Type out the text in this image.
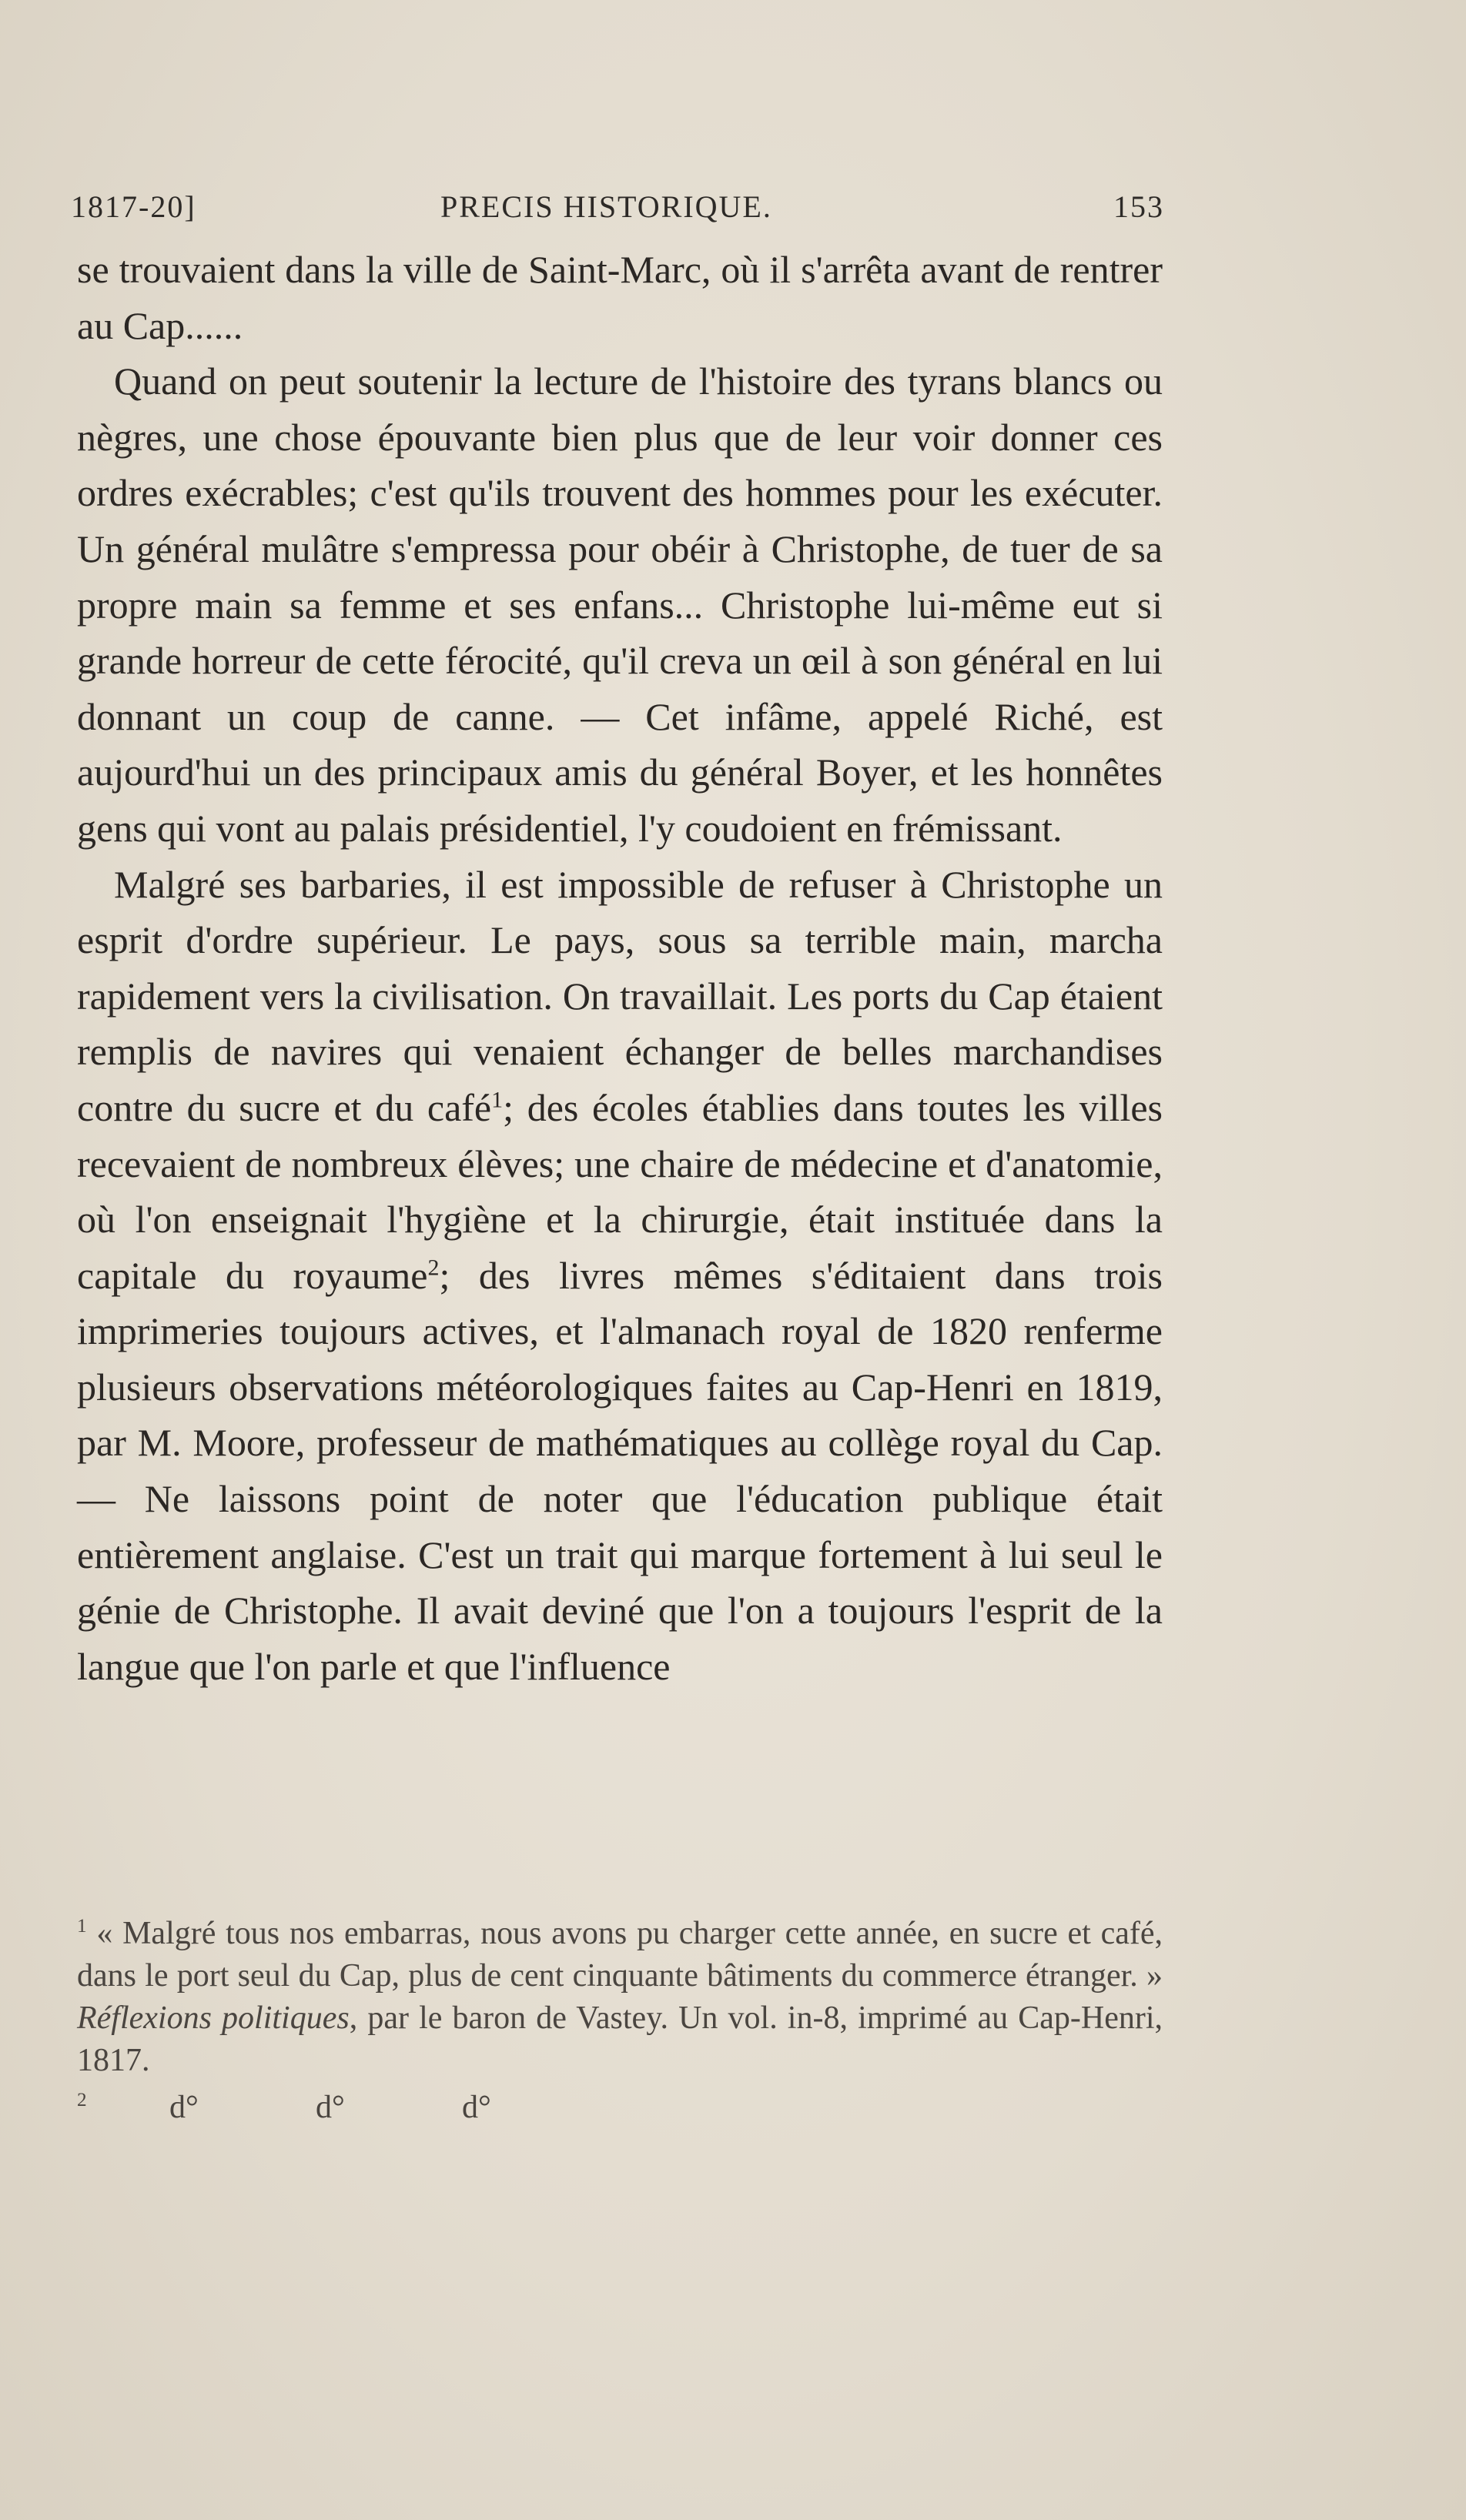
1817-20]	PRECIS HISTORIQUE.	153

se trouvaient dans la ville de Saint-Marc, où il s'arrêta avant de rentrer au Cap......

Quand on peut soutenir la lecture de l'histoire des tyrans blancs ou nègres, une chose épouvante bien plus que de leur voir donner ces ordres exécrables; c'est qu'ils trouvent des hommes pour les exécuter. Un général mulâtre s'empressa pour obéir à Christophe, de tuer de sa propre main sa femme et ses enfans... Christophe lui-même eut si grande horreur de cette férocité, qu'il creva un œil à son général en lui donnant un coup de canne. — Cet infâme, appelé Riché, est aujourd'hui un des principaux amis du général Boyer, et les honnêtes gens qui vont au palais présidentiel, l'y coudoient en frémissant.

Malgré ses barbaries, il est impossible de refuser à Christophe un esprit d'ordre supérieur. Le pays, sous sa terrible main, marcha rapidement vers la civilisation. On travaillait. Les ports du Cap étaient remplis de navires qui venaient échanger de belles marchandises contre du sucre et du café$^1$; des écoles établies dans toutes les villes recevaient de nombreux élèves; une chaire de médecine et d'anatomie, où l'on enseignait l'hygiène et la chirurgie, était instituée dans la capitale du royaume$^2$; des livres mêmes s'éditaient dans trois imprimeries toujours actives, et l'almanach royal de 1820 renferme plusieurs observations météorologiques faites au Cap-Henri en 1819, par M. Moore, professeur de mathématiques au collège royal du Cap. — Ne laissons point de noter que l'éducation publique était entièrement anglaise. C'est un trait qui marque fortement à lui seul le génie de Christophe. Il avait deviné que l'on a toujours l'esprit de la langue que l'on parle et que l'influence

$^1$ « Malgré tous nos embarras, nous avons pu charger cette année, en sucre et café, dans le port seul du Cap, plus de cent cinquante bâtiments du commerce étranger. » Réflexions politiques, par le baron de Vastey. Un vol. in-8, imprimé au Cap-Henri, 1817.

$^2$	d°	d°	d°
